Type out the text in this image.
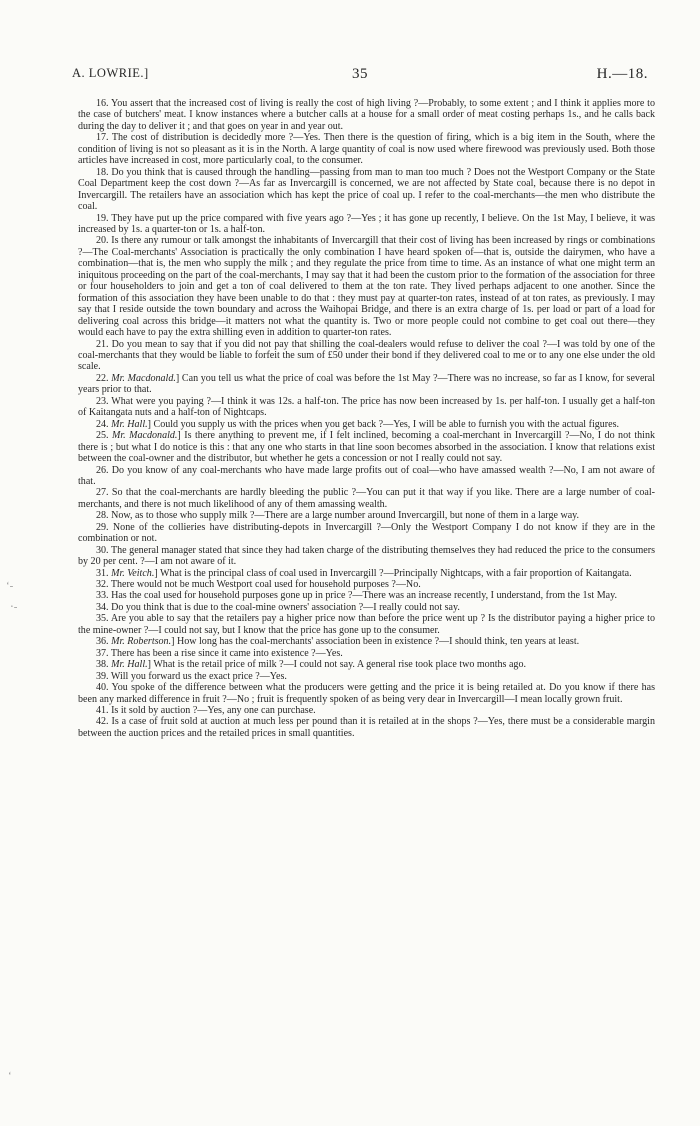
A. LOWRIE.]	35	H.—18.
‘-
⋅-
‘

16. You assert that the increased cost of living is really the cost of high living ?—Probably, to some extent ; and I think it applies more to the case of butchers' meat. I know instances where a butcher calls at a house for a small order of meat costing perhaps 1s., and he calls back during the day to deliver it ; and that goes on year in and year out.

17. The cost of distribution is decidedly more ?—Yes. Then there is the question of firing, which is a big item in the South, where the condition of living is not so pleasant as it is in the North. A large quantity of coal is now used where firewood was previously used. Both those articles have increased in cost, more particularly coal, to the consumer.

18. Do you think that is caused through the handling—passing from man to man too much ? Does not the Westport Company or the State Coal Department keep the cost down ?—As far as Invercargill is concerned, we are not affected by State coal, because there is no depot in Invercargill. The retailers have an association which has kept the price of coal up. I refer to the coal-merchants—the men who distribute the coal.

19. They have put up the price compared with five years ago ?—Yes ; it has gone up recently, I believe. On the 1st May, I believe, it was increased by 1s. a quarter-ton or 1s. a half-ton.

20. Is there any rumour or talk amongst the inhabitants of Invercargill that their cost of living has been increased by rings or combinations ?—The Coal-merchants' Association is practically the only combination I have heard spoken of—that is, outside the dairymen, who have a combination—that is, the men who supply the milk ; and they regulate the price from time to time. As an instance of what one might term an iniquitous proceeding on the part of the coal-merchants, I may say that it had been the custom prior to the formation of the association for three or four householders to join and get a ton of coal delivered to them at the ton rate. They lived perhaps adjacent to one another. Since the formation of this association they have been unable to do that : they must pay at quarter-ton rates, instead of at ton rates, as previously. I may say that I reside outside the town boundary and across the Waihopai Bridge, and there is an extra charge of 1s. per load or part of a load for delivering coal across this bridge—it matters not what the quantity is. Two or more people could not combine to get coal out there—they would each have to pay the extra shilling even in addition to quarter-ton rates.

21. Do you mean to say that if you did not pay that shilling the coal-dealers would refuse to deliver the coal ?—I was told by one of the coal-merchants that they would be liable to forfeit the sum of £50 under their bond if they delivered coal to me or to any one else under the old scale.

22. Mr. Macdonald.] Can you tell us what the price of coal was before the 1st May ?—There was no increase, so far as I know, for several years prior to that.

23. What were you paying ?—I think it was 12s. a half-ton. The price has now been increased by 1s. per half-ton. I usually get a half-ton of Kaitangata nuts and a half-ton of Nightcaps.

24. Mr. Hall.] Could you supply us with the prices when you get back ?—Yes, I will be able to furnish you with the actual figures.

25. Mr. Macdonald.] Is there anything to prevent me, if I felt inclined, becoming a coal-merchant in Invercargill ?—No, I do not think there is ; but what I do notice is this : that any one who starts in that line soon becomes absorbed in the association. I know that relations exist between the coal-owner and the distributor, but whether he gets a concession or not I really could not say.

26. Do you know of any coal-merchants who have made large profits out of coal—who have amassed wealth ?—No, I am not aware of that.

27. So that the coal-merchants are hardly bleeding the public ?—You can put it that way if you like. There are a large number of coal-merchants, and there is not much likelihood of any of them amassing wealth.

28. Now, as to those who supply milk ?—There are a large number around Invercargill, but none of them in a large way.

29. None of the collieries have distributing-depots in Invercargill ?—Only the Westport Company I do not know if they are in the combination or not.

30. The general manager stated that since they had taken charge of the distributing themselves they had reduced the price to the consumers by 20 per cent. ?—I am not aware of it.

31. Mr. Veitch.] What is the principal class of coal used in Invercargill ?—Principally Nightcaps, with a fair proportion of Kaitangata.

32. There would not be much Westport coal used for household purposes ?—No.

33. Has the coal used for household purposes gone up in price ?—There was an increase recently, I understand, from the 1st May.

34. Do you think that is due to the coal-mine owners' association ?—I really could not say.

35. Are you able to say that the retailers pay a higher price now than before the price went up ? Is the distributor paying a higher price to the mine-owner ?—I could not say, but I know that the price has gone up to the consumer.

36. Mr. Robertson.] How long has the coal-merchants' association been in existence ?—I should think, ten years at least.

37. There has been a rise since it came into existence ?—Yes.

38. Mr. Hall.] What is the retail price of milk ?—I could not say. A general rise took place two months ago.

39. Will you forward us the exact price ?—Yes.

40. You spoke of the difference between what the producers were getting and the price it is being retailed at. Do you know if there has been any marked difference in fruit ?—No ; fruit is frequently spoken of as being very dear in Invercargill—I mean locally grown fruit.

41. Is it sold by auction ?—Yes, any one can purchase.

42. Is a case of fruit sold at auction at much less per pound than it is retailed at in the shops ?—Yes, there must be a considerable margin between the auction prices and the retailed prices in small quantities.
